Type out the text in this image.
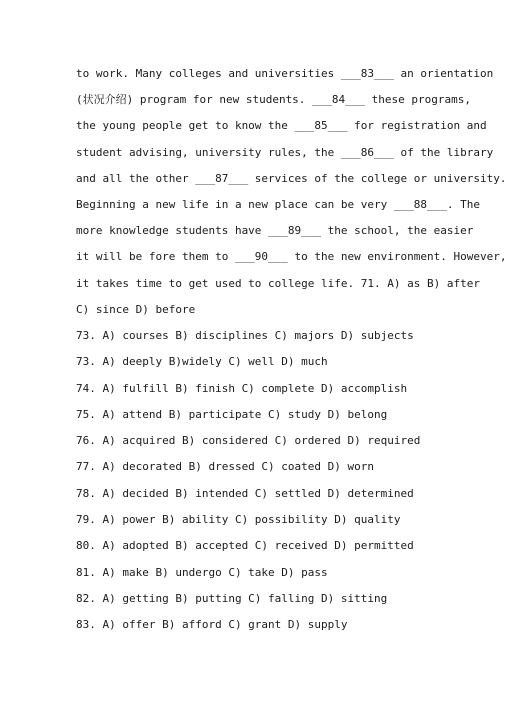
to work. Many colleges and universities ___83___ an orientation
(状况介绍) program for new students. ___84___ these programs,
the young people get to know the ___85___ for registration and
student advising, university rules, the ___86___ of the library
and all the other ___87___ services of the college or university.
Beginning a new life in a new place can be very ___88___. The
more knowledge students have ___89___ the school, the easier
it will be fore them to ___90___ to the new environment. However,
it takes time to get used to college life. 71. A) as B) after
C) since D) before
73. A) courses B) disciplines C) majors D) subjects
73. A) deeply B)widely C) well D) much
74. A) fulfill B) finish C) complete D) accomplish
75. A) attend B) participate C) study D) belong
76. A) acquired B) considered C) ordered D) required
77. A) decorated B) dressed C) coated D) worn
78. A) decided B) intended C) settled D) determined
79. A) power B) ability C) possibility D) quality
80. A) adopted B) accepted C) received D) permitted
81. A) make B) undergo C) take D) pass
82. A) getting B) putting C) falling D) sitting
83. A) offer B) afford C) grant D) supply
